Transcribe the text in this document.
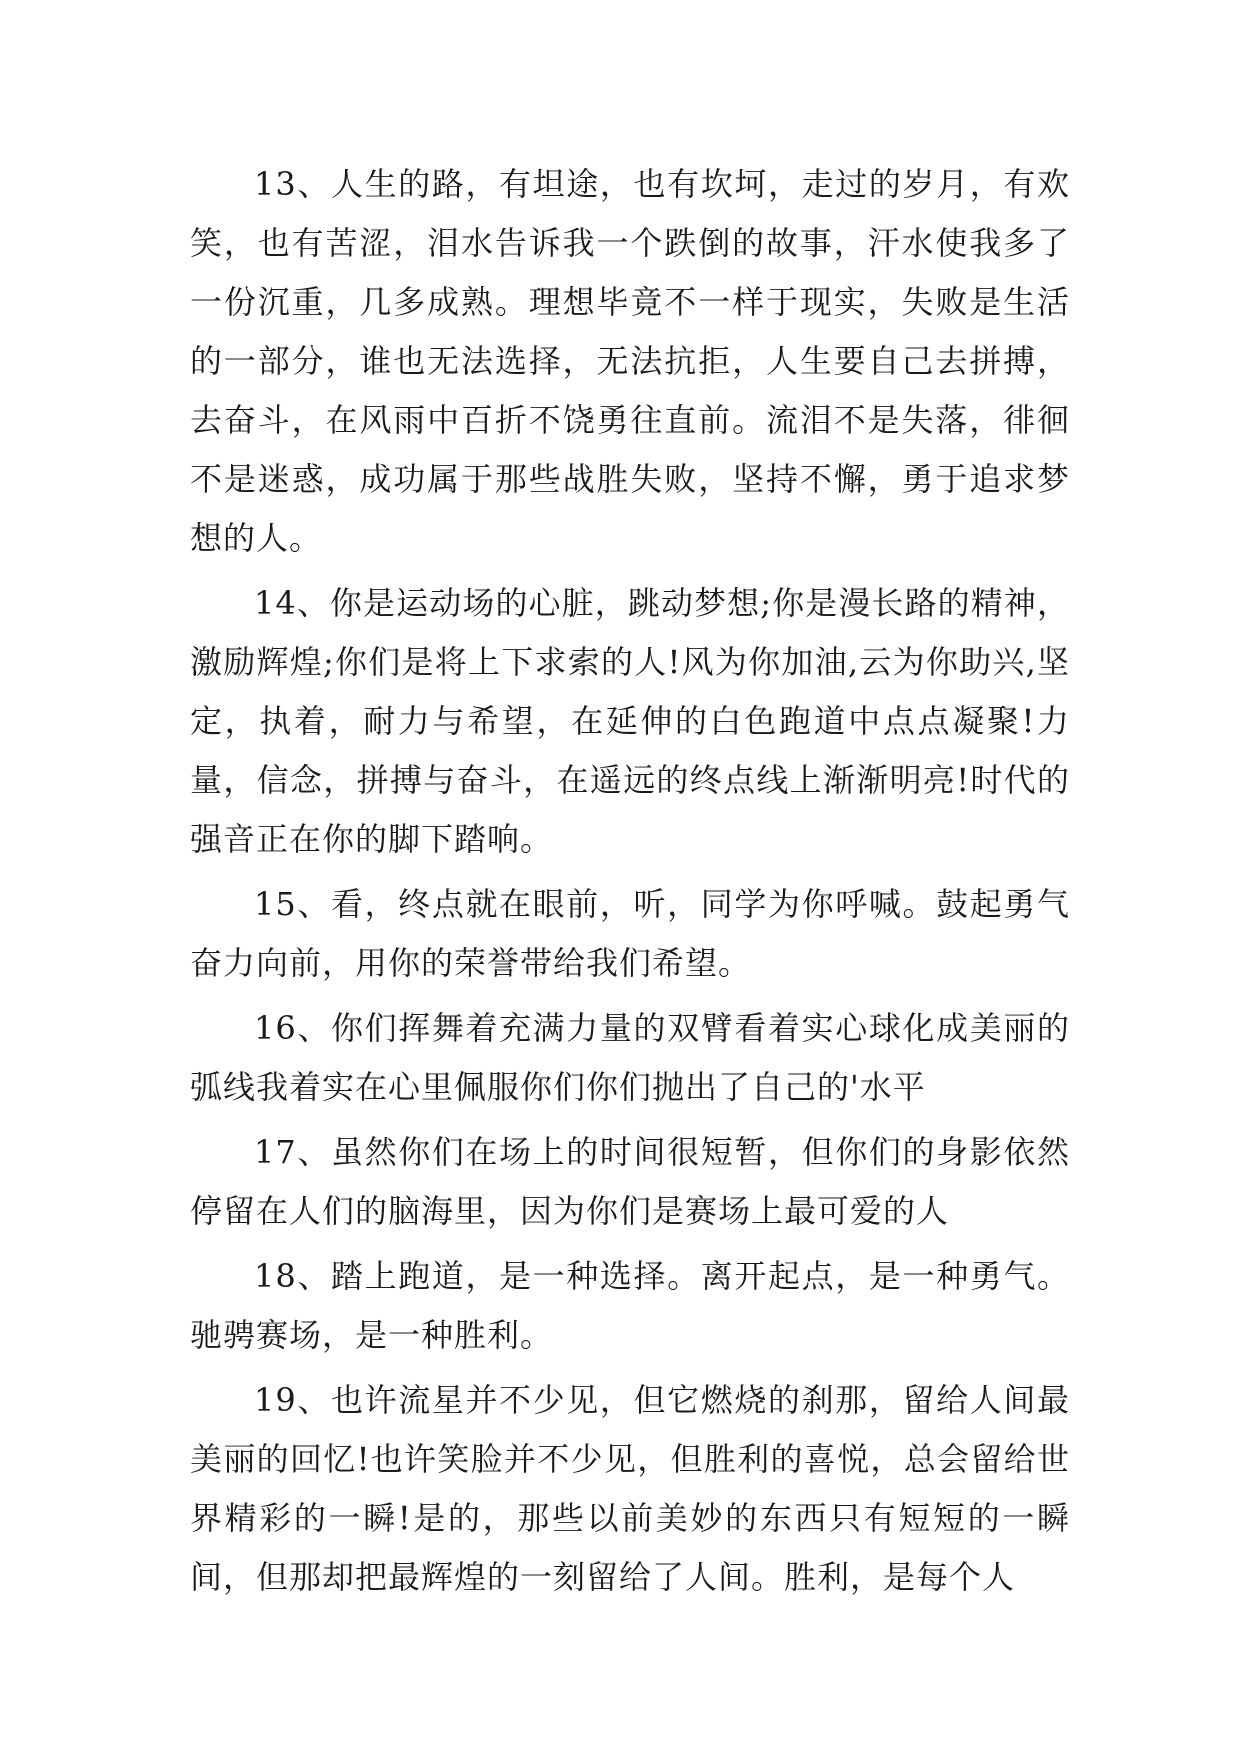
13、人生的路，有坦途，也有坎坷，走过的岁月，有欢笑，也有苦涩，泪水告诉我一个跌倒的故事，汗水使我多了一份沉重，几多成熟。理想毕竟不一样于现实，失败是生活的一部分，谁也无法选择，无法抗拒，人生要自己去拼搏，去奋斗，在风雨中百折不饶勇往直前。流泪不是失落，徘徊不是迷惑，成功属于那些战胜失败，坚持不懈，勇于追求梦想的人。

14、你是运动场的心脏，跳动梦想;你是漫长路的精神，激励辉煌;你们是将上下求索的人!风为你加油,云为你助兴,坚定，执着，耐力与希望，在延伸的白色跑道中点点凝聚!力量，信念，拼搏与奋斗，在遥远的终点线上渐渐明亮!时代的强音正在你的脚下踏响。

15、看，终点就在眼前，听，同学为你呼喊。鼓起勇气奋力向前，用你的荣誉带给我们希望。

16、你们挥舞着充满力量的双臂看着实心球化成美丽的弧线我着实在心里佩服你们你们抛出了自己的'水平

17、虽然你们在场上的时间很短暂，但你们的身影依然停留在人们的脑海里，因为你们是赛场上最可爱的人

18、踏上跑道，是一种选择。离开起点，是一种勇气。驰骋赛场，是一种胜利。

19、也许流星并不少见，但它燃烧的刹那，留给人间最美丽的回忆!也许笑脸并不少见，但胜利的喜悦，总会留给世界精彩的一瞬!是的，那些以前美妙的东西只有短短的一瞬间，但那却把最辉煌的一刻留给了人间。胜利，是每个人
